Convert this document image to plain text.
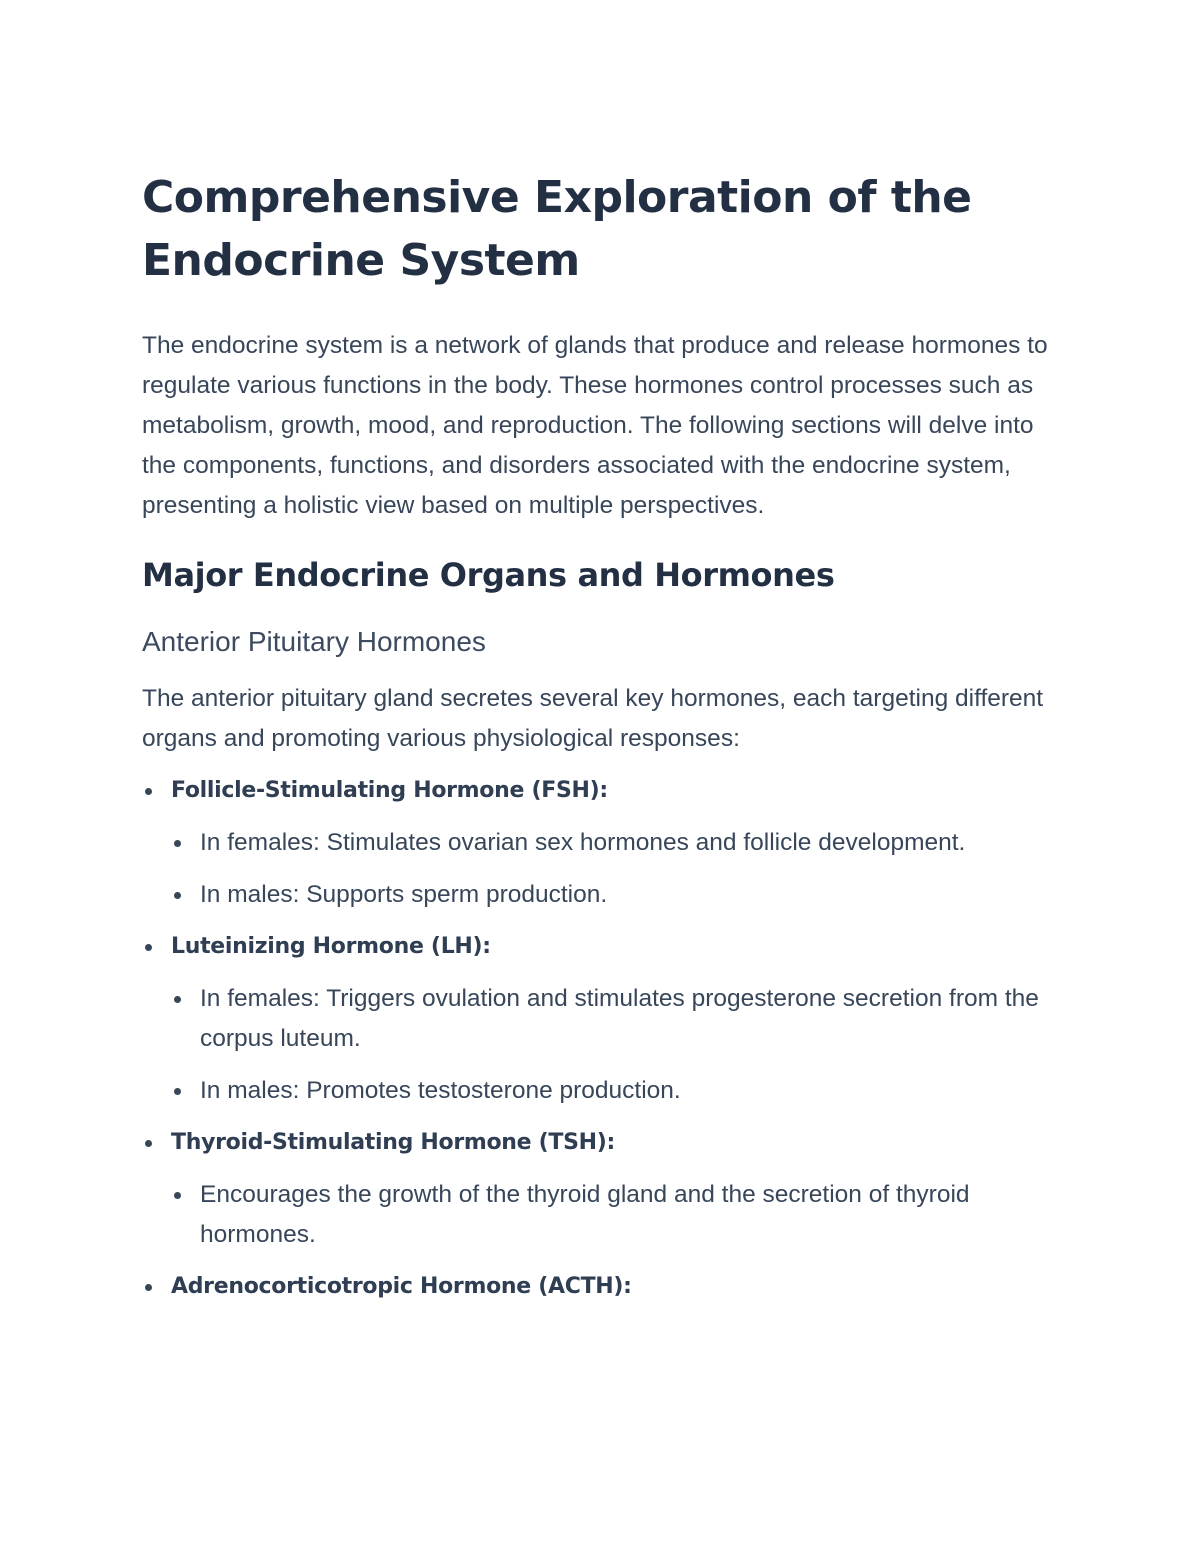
Comprehensive Exploration of the Endocrine System

The endocrine system is a network of glands that produce and release hormones to regulate various functions in the body. These hormones control processes such as metabolism, growth, mood, and reproduction. The following sections will delve into the components, functions, and disorders associated with the endocrine system, presenting a holistic view based on multiple perspectives.

Major Endocrine Organs and Hormones
Anterior Pituitary Hormones

The anterior pituitary gland secretes several key hormones, each targeting different organs and promoting various physiological responses:

Follicle-Stimulating Hormone (FSH):
In females: Stimulates ovarian sex hormones and follicle development.
In males: Supports sperm production.
Luteinizing Hormone (LH):
In females: Triggers ovulation and stimulates progesterone secretion from the corpus luteum.
In males: Promotes testosterone production.
Thyroid-Stimulating Hormone (TSH):
Encourages the growth of the thyroid gland and the secretion of thyroid hormones.
Adrenocorticotropic Hormone (ACTH):
